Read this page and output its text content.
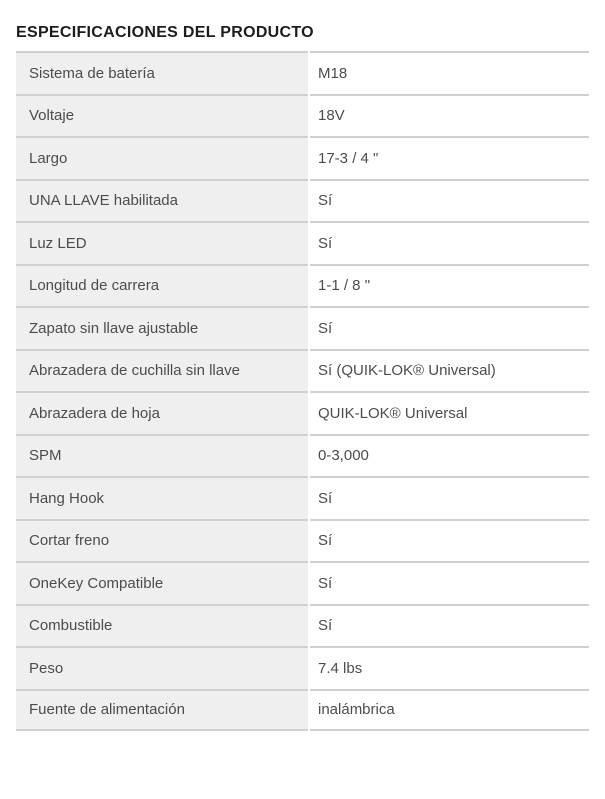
ESPECIFICACIONES DEL PRODUCTO
Sistema de batería	M18
Voltaje	18V
Largo	17-3 / 4 "
UNA LLAVE habilitada	Sí
Luz LED	Sí
Longitud de carrera	1-1 / 8 "
Zapato sin llave ajustable	Sí
Abrazadera de cuchilla sin llave	Sí (QUIK-LOK® Universal)
Abrazadera de hoja	QUIK-LOK® Universal
SPM	0-3,000
Hang Hook	Sí
Cortar freno	Sí
OneKey Compatible	Sí
Combustible	Sí
Peso	7.4 lbs
Fuente de alimentación	inalámbrica
